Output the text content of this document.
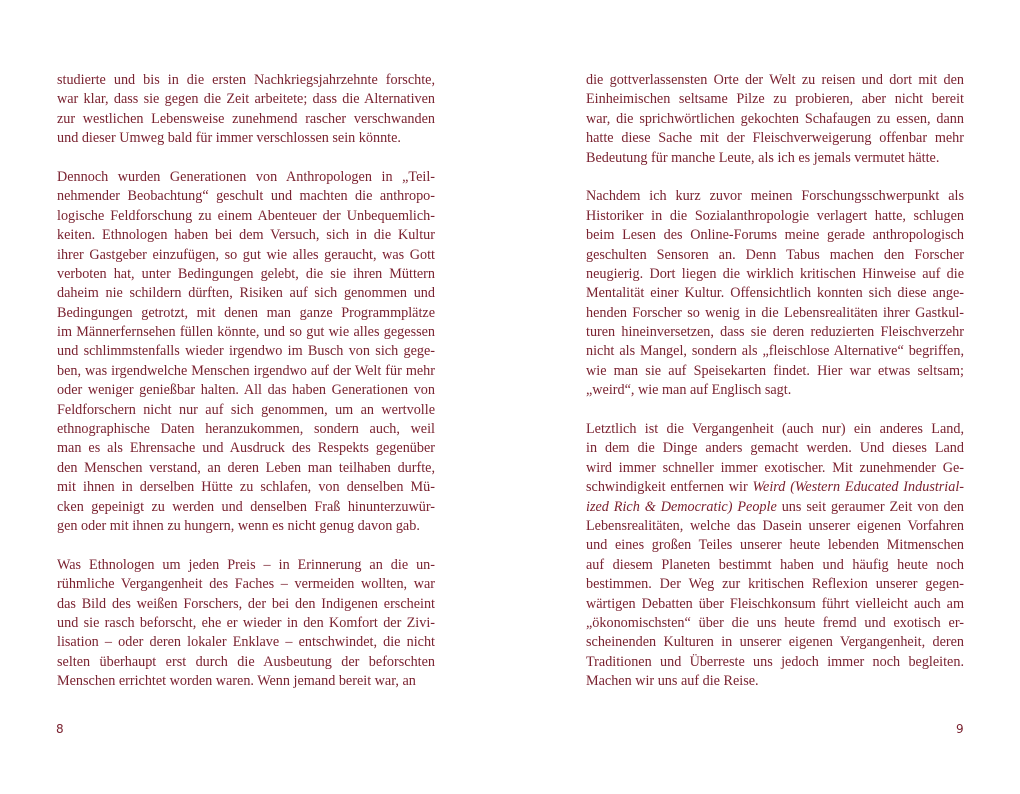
studierte und bis in die ersten Nachkriegsjahrzehnte forschte,
war klar, dass sie gegen die Zeit arbeitete; dass die Alternativen
zur westlichen Lebensweise zunehmend rascher verschwanden
und dieser Umweg bald für immer verschlossen sein könnte.
Dennoch wurden Generationen von Anthropologen in „Teil-
nehmender Beobachtung“ geschult und machten die anthropo-
logische Feldforschung zu einem Abenteuer der Unbequemlich-
keiten. Ethnologen haben bei dem Versuch, sich in die Kultur
ihrer Gastgeber einzufügen, so gut wie alles geraucht, was Gott
verboten hat, unter Bedingungen gelebt, die sie ihren Müttern
daheim nie schildern dürften, Risiken auf sich genommen und
Bedingungen getrotzt, mit denen man ganze Programmplätze
im Männerfernsehen füllen könnte, und so gut wie alles gegessen
und schlimmstenfalls wieder irgendwo im Busch von sich gege-
ben, was irgendwelche Menschen irgendwo auf der Welt für mehr
oder weniger genießbar halten. All das haben Generationen von
Feldforschern nicht nur auf sich genommen, um an wertvolle
ethnographische Daten heranzukommen, sondern auch, weil
man es als Ehrensache und Ausdruck des Respekts gegenüber
den Menschen verstand, an deren Leben man teilhaben durfte,
mit ihnen in derselben Hütte zu schlafen, von denselben Mü-
cken gepeinigt zu werden und denselben Fraß hinunterzuwür-
gen oder mit ihnen zu hungern, wenn es nicht genug davon gab.
Was Ethnologen um jeden Preis – in Erinnerung an die un-
rühmliche Vergangenheit des Faches – vermeiden wollten, war
das Bild des weißen Forschers, der bei den Indigenen erscheint
und sie rasch beforscht, ehe er wieder in den Komfort der Zivi-
lisation – oder deren lokaler Enklave – entschwindet, die nicht
selten überhaupt erst durch die Ausbeutung der beforschten
Menschen errichtet worden waren. Wenn jemand bereit war, an
die gottverlassensten Orte der Welt zu reisen und dort mit den
Einheimischen seltsame Pilze zu probieren, aber nicht bereit
war, die sprichwörtlichen gekochten Schafaugen zu essen, dann
hatte diese Sache mit der Fleischverweigerung offenbar mehr
Bedeutung für manche Leute, als ich es jemals vermutet hätte.
Nachdem ich kurz zuvor meinen Forschungsschwerpunkt als
Historiker in die Sozialanthropologie verlagert hatte, schlugen
beim Lesen des Online-Forums meine gerade anthropologisch
geschulten Sensoren an. Denn Tabus machen den Forscher
neugierig. Dort liegen die wirklich kritischen Hinweise auf die
Mentalität einer Kultur. Offensichtlich konnten sich diese ange-
henden Forscher so wenig in die Lebensrealitäten ihrer Gastkul-
turen hineinversetzen, dass sie deren reduzierten Fleischverzehr
nicht als Mangel, sondern als „fleischlose Alternative“ begriffen,
wie man sie auf Speisekarten findet. Hier war etwas seltsam;
„weird“, wie man auf Englisch sagt.
Letztlich ist die Vergangenheit (auch nur) ein anderes Land,
in dem die Dinge anders gemacht werden. Und dieses Land
wird immer schneller immer exotischer. Mit zunehmender Ge-
schwindigkeit entfernen wir Weird (Western Educated Industrial-
ized Rich & Democratic) People uns seit geraumer Zeit von den
Lebensrealitäten, welche das Dasein unserer eigenen Vorfahren
und eines großen Teiles unserer heute lebenden Mitmenschen
auf diesem Planeten bestimmt haben und häufig heute noch
bestimmen. Der Weg zur kritischen Reflexion unserer gegen-
wärtigen Debatten über Fleischkonsum führt vielleicht auch am
„ökonomischsten“ über die uns heute fremd und exotisch er-
scheinenden Kulturen in unserer eigenen Vergangenheit, deren
Traditionen und Überreste uns jedoch immer noch begleiten.
Machen wir uns auf die Reise.
8	9
